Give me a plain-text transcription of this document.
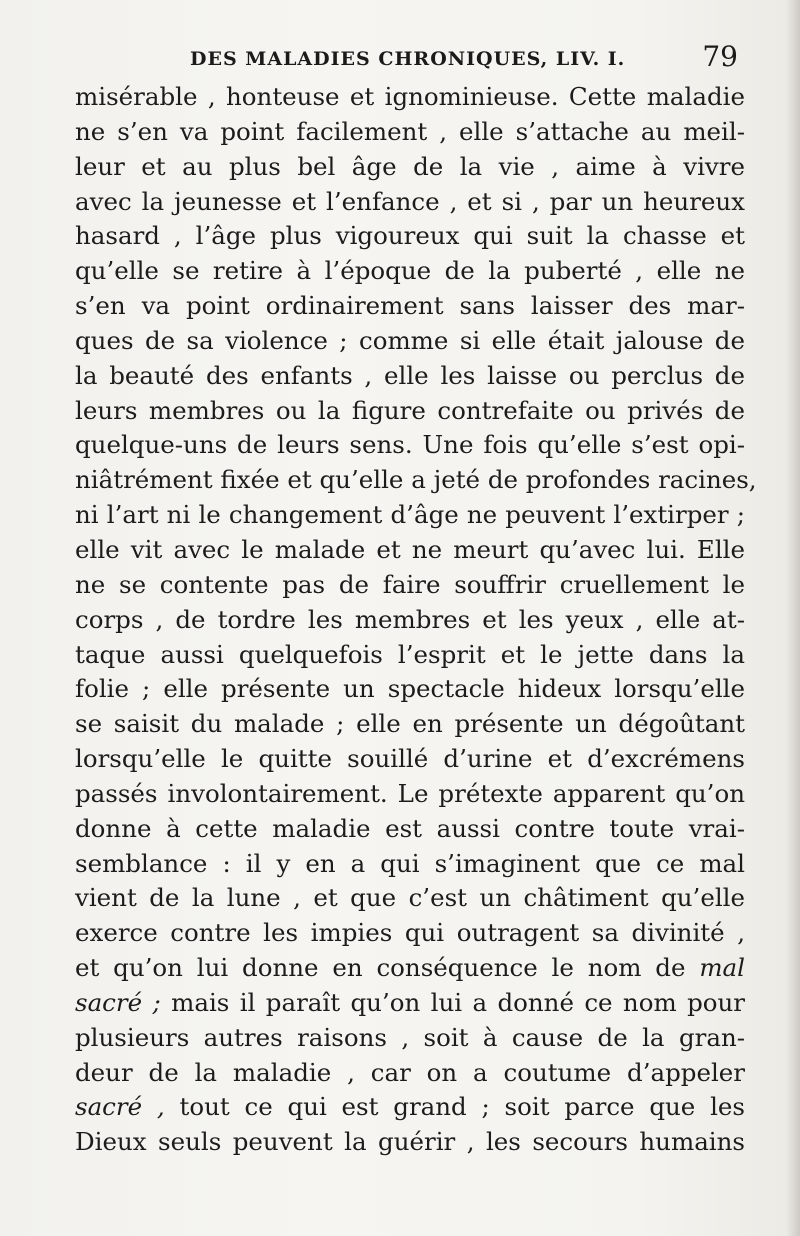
DES MALADIES CHRONIQUES, LIV. I.	79
misérable , honteuse et ignominieuse. Cette maladie
ne s’en va point facilement , elle s’attache au meil-
leur et au plus bel âge de la vie , aime à vivre
avec la jeunesse et l’enfance , et si , par un heureux
hasard , l’âge plus vigoureux qui suit la chasse et
qu’elle se retire à l’époque de la puberté , elle ne
s’en va point ordinairement sans laisser des mar-
ques de sa violence ; comme si elle était jalouse de
la beauté des enfants , elle les laisse ou perclus de
leurs membres ou la figure contrefaite ou privés de
quelque-uns de leurs sens. Une fois qu’elle s’est opi-
niâtrément fixée et qu’elle a jeté de profondes racines,
ni l’art ni le changement d’âge ne peuvent l’extirper ;
elle vit avec le malade et ne meurt qu’avec lui. Elle
ne se contente pas de faire souffrir cruellement le
corps , de tordre les membres et les yeux , elle at-
taque aussi quelquefois l’esprit et le jette dans la
folie ; elle présente un spectacle hideux lorsqu’elle
se saisit du malade ; elle en présente un dégoûtant
lorsqu’elle le quitte souillé d’urine et d’excrémens
passés involontairement. Le prétexte apparent qu’on
donne à cette maladie est aussi contre toute vrai-
semblance : il y en a qui s’imaginent que ce mal
vient de la lune , et que c’est un châtiment qu’elle
exerce contre les impies qui outragent sa divinité ,
et qu’on lui donne en conséquence le nom de mal
sacré ; mais il paraît qu’on lui a donné ce nom pour
plusieurs autres raisons , soit à cause de la gran-
deur de la maladie , car on a coutume d’appeler
sacré , tout ce qui est grand ; soit parce que les
Dieux seuls peuvent la guérir , les secours humains
